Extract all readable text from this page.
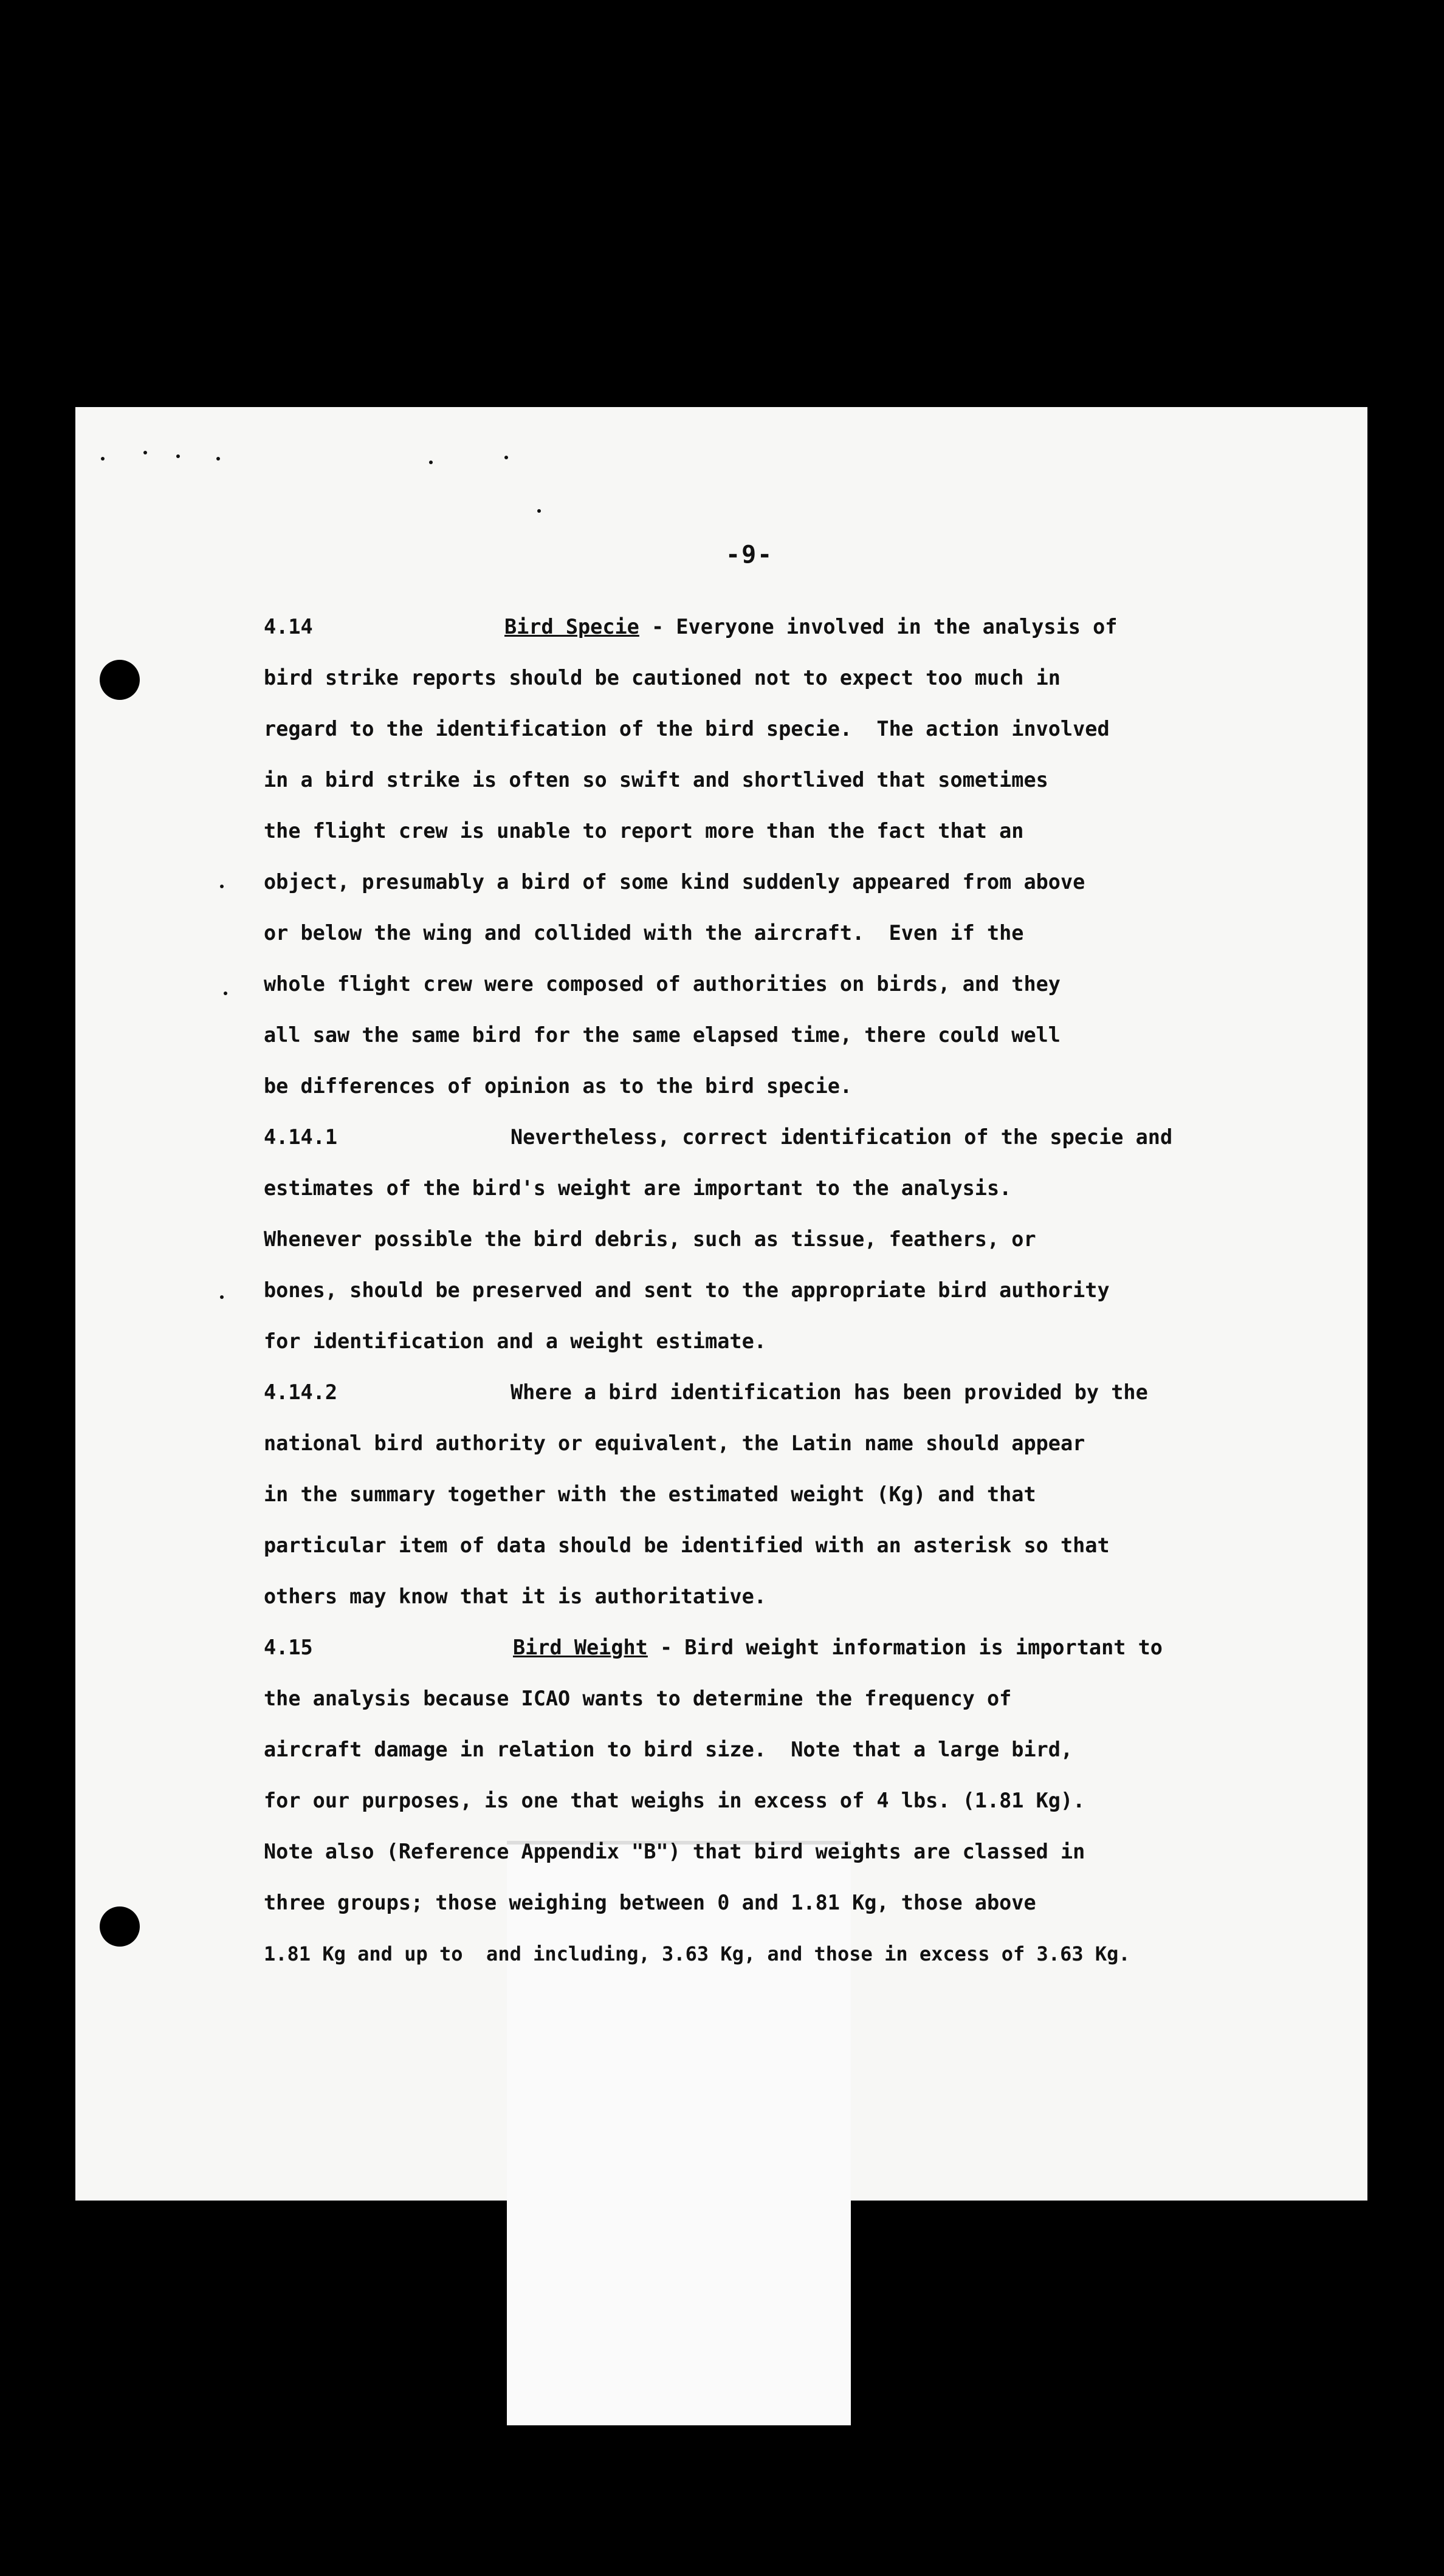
-9-
4.14	Bird Specie - Everyone involved in the analysis of
bird strike reports should be cautioned not to expect too much in
regard to the identification of the bird specie.  The action involved
in a bird strike is often so swift and shortlived that sometimes
the flight crew is unable to report more than the fact that an
object, presumably a bird of some kind suddenly appeared from above
or below the wing and collided with the aircraft.  Even if the
whole flight crew were composed of authorities on birds, and they
all saw the same bird for the same elapsed time, there could well
be differences of opinion as to the bird specie.
4.14.1	Nevertheless, correct identification of the specie and
estimates of the bird's weight are important to the analysis.
Whenever possible the bird debris, such as tissue, feathers, or
bones, should be preserved and sent to the appropriate bird authority
for identification and a weight estimate.
4.14.2	Where a bird identification has been provided by the
national bird authority or equivalent, the Latin name should appear
in the summary together with the estimated weight (Kg) and that
particular item of data should be identified with an asterisk so that
others may know that it is authoritative.
4.15	Bird Weight - Bird weight information is important to
the analysis because ICAO wants to determine the frequency of
aircraft damage in relation to bird size.  Note that a large bird,
for our purposes, is one that weighs in excess of 4 lbs. (1.81 Kg).
Note also (Reference Appendix "B") that bird weights are classed in
three groups; those weighing between 0 and 1.81 Kg, those above
1.81 Kg and up to  and including, 3.63 Kg, and those in excess of 3.63 Kg.
